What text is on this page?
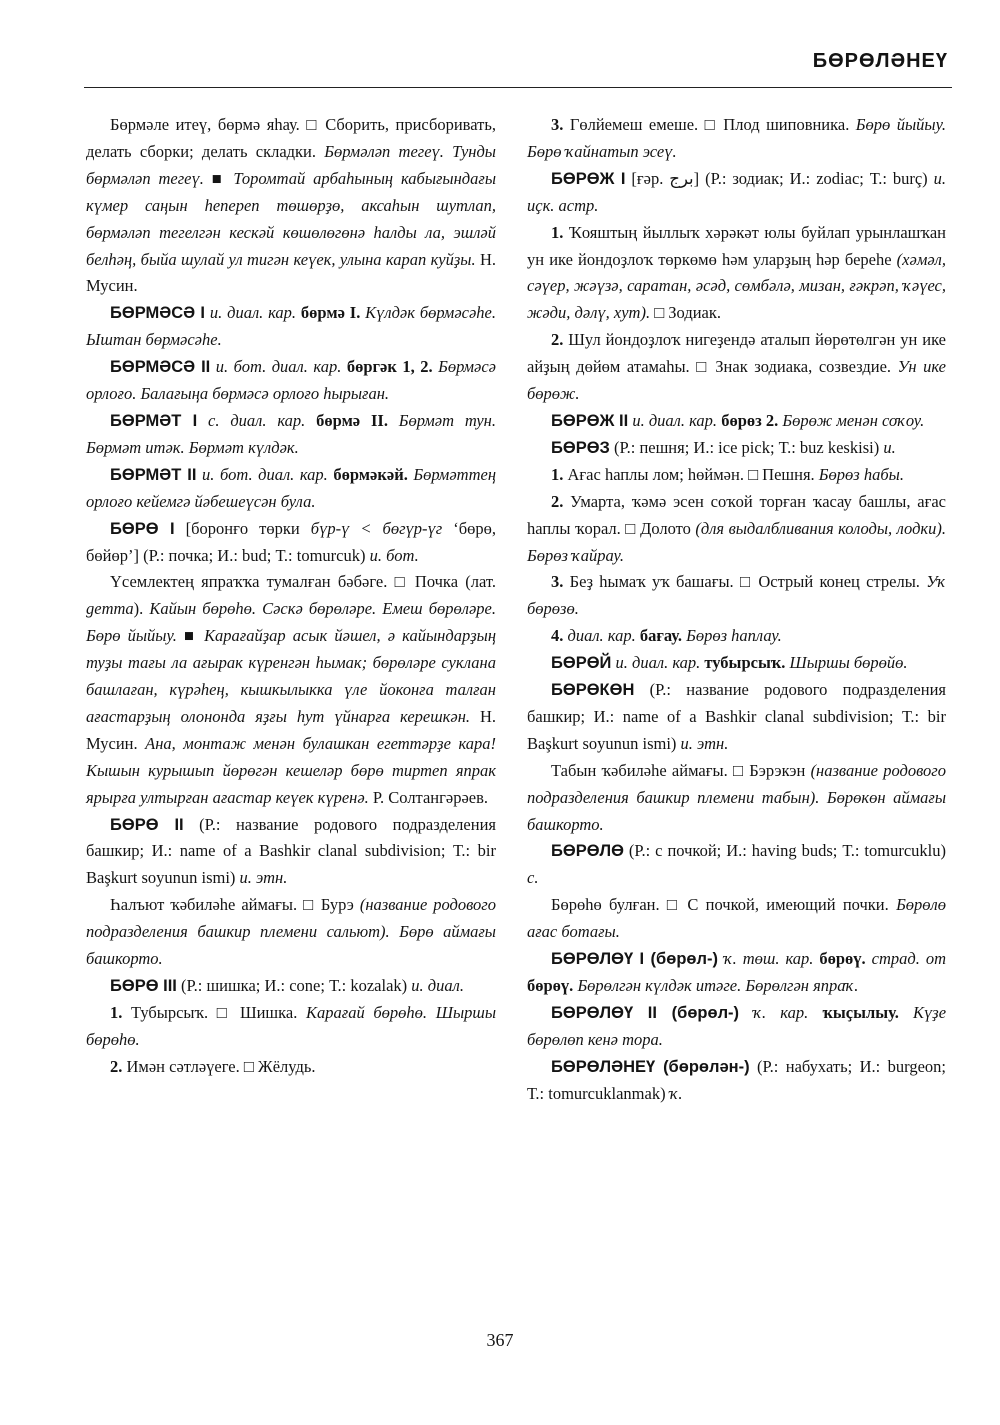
БӨРӨЛӘНЕҮ

Бөрмәле итеү, бөрмә яһау. □ Сборить, присборивать, делать сборки; делать складки. Бөрмәләп тегеү. Тунды бөрмәләп тегеү. ■ Торомтай арбаһының кабығындағы күмер саңын һепереп төшөрҙө, аксаһын шутлап, бөрмәләп тегелгән кескәй көшөлөгөнә һалды ла, эшләй белһәң, быйа шулай ул тигән кеүек, улына карап куйҙы. Н. Мусин.

БӨРМӘСӘ I и. диал. кар. бөрмә I. Күлдәк бөрмәсәһе. Ыштан бөрмәсәһе.

БӨРМӘСӘ II и. бот. диал. кар. бөргәк 1, 2. Бөрмәсә орлоғо. Балағыңа бөрмәсә орлоғо һырыған.

БӨРМӘТ I с. диал. кар. бөрмә II. Бөрмәт тун. Бөрмәт итәк. Бөрмәт күлдәк.

БӨРМӘТ II и. бот. диал. кар. бөрмәкәй. Бөрмәттең орлоғо кейемгә йәбешеүсән була.

БӨРӨ I [боронғо төрки бүр-ү < бөгүр-үг ‘бөрө, бөйөр’] (Р.: почка; И.: bud; Т.: tomurcuk) и. бот.

Үсемлектең япраҡҡа тумалған бәбәге. □ Почка (лат. gemma). Кайын бөрөһө. Сәскә бөрөләре. Емеш бөрөләре. Бөрө йыйыу. ■ Карағайҙар асык йәшел, ә кайындарҙың туҙы тағы ла ағырак күренгән һымак; бөрөләре суклана башлаған, күрәһең, кышкылыкка үле йоконға талған ағастарҙың олононда яҙғы һут үйнарға керешкән. Н. Мусин. Ана, монтаж менән булашкан егеттәрҙе кара! Кышын курышып йөрөгән кешеләр бөрө тиртеп япрак ярырға ултырған ағастар кеүек күренә. Р. Солтангәрәев.

БӨРӨ II (Р.: название родового подразделения башкир; И.: name of a Bashkir clanal subdivision; Т.: bir Başkurt soyunun ismi) и. этн.

Һалъют ҡәбиләһе аймағы. □ Бурэ (название родового подразделения башкир племени сальют). Бөрө аймағы башкорто.

БӨРӨ III (Р.: шишка; И.: cone; Т.: kozalak) и. диал.

1. Тубырсыҡ. □ Шишка. Карағай бөрөһө. Шыршы бөрөһө.

2. Имән сәтләүеге. □ Жёлудь.

3. Гөлйемеш емеше. □ Плод шиповника. Бөрө йыйыу. Бөрө ҡайнатып эсеү.

БӨРӨЖ I [ғәр. برج] (Р.: зодиак; И.: zodiac; Т.: burç) и. иҫк. астр.

1. Ҡояштың йыллыҡ хәрәкәт юлы буйлап урынлашҡан ун ике йондоҙлоҡ төркөмө һәм уларҙың һәр береһе (хәмәл, сәүер, жәүзә, саратан, әсәд, сөмбәлә, мизан, ғәкрәп, ҡәүес, жәди, дәлү, хут). □ Зодиак.

2. Шул йондоҙлоҡ нигеҙендә аталып йөрөтөлгән ун ике айҙың дөйөм атамаһы. □ Знак зодиака, созвездие. Ун ике бөрөж.

БӨРӨЖ II и. диал. кар. бөрөз 2. Бөрөж менән соҡоу.

БӨРӨЗ (Р.: пешня; И.: ice pick; Т.: buz keskisi) и.

1. Ағас һаплы лом; һөймән. □ Пешня. Бөрөз һабы.

2. Умарта, ҡәмә эсен соҡой торған ҡасау башлы, ағас һаплы ҡорал. □ Долото (для выдалбливания колоды, лодки). Бөрөз ҡайрау.

3. Беҙ һымаҡ уҡ башағы. □ Острый конец стрелы. Уҡ бөрөзө.

4. диал. кар. бағау. Бөрөз һаплау.

БӨРӨЙ и. диал. кар. тубырсыҡ. Шыршы бөрөйө.

БӨРӨКӨН (Р.: название родового подразделения башкир; И.: name of a Bashkir clanal subdivision; Т.: bir Başkurt soyunun ismi) и. этн.

Табын ҡәбиләһе аймағы. □ Бэрэкэн (название родового подразделения башкир племени табын). Бөрөкөн аймағы башкорто.

БӨРӨЛӨ (Р.: с почкой; И.: having buds; Т.: tomurcuklu) с.

Бөрөһө булған. □ С почкой, имеющий почки. Бөрөлө ағас ботағы.

БӨРӨЛӨҮ I (бөрөл-) ҡ. төш. кар. бөрөү. страд. от бөрөү. Бөрөлгән күлдәк итәге. Бөрөлгән япраҡ.

БӨРӨЛӨҮ II (бөрөл-) ҡ. кар. ҡыҫылыу. Күҙе бөрөлөп кенә тора.

БӨРӨЛӘНЕҮ (бөрөлән-) (Р.: набухать; И.: burgeon; Т.: tomurcuklanmak) ҡ.

367
